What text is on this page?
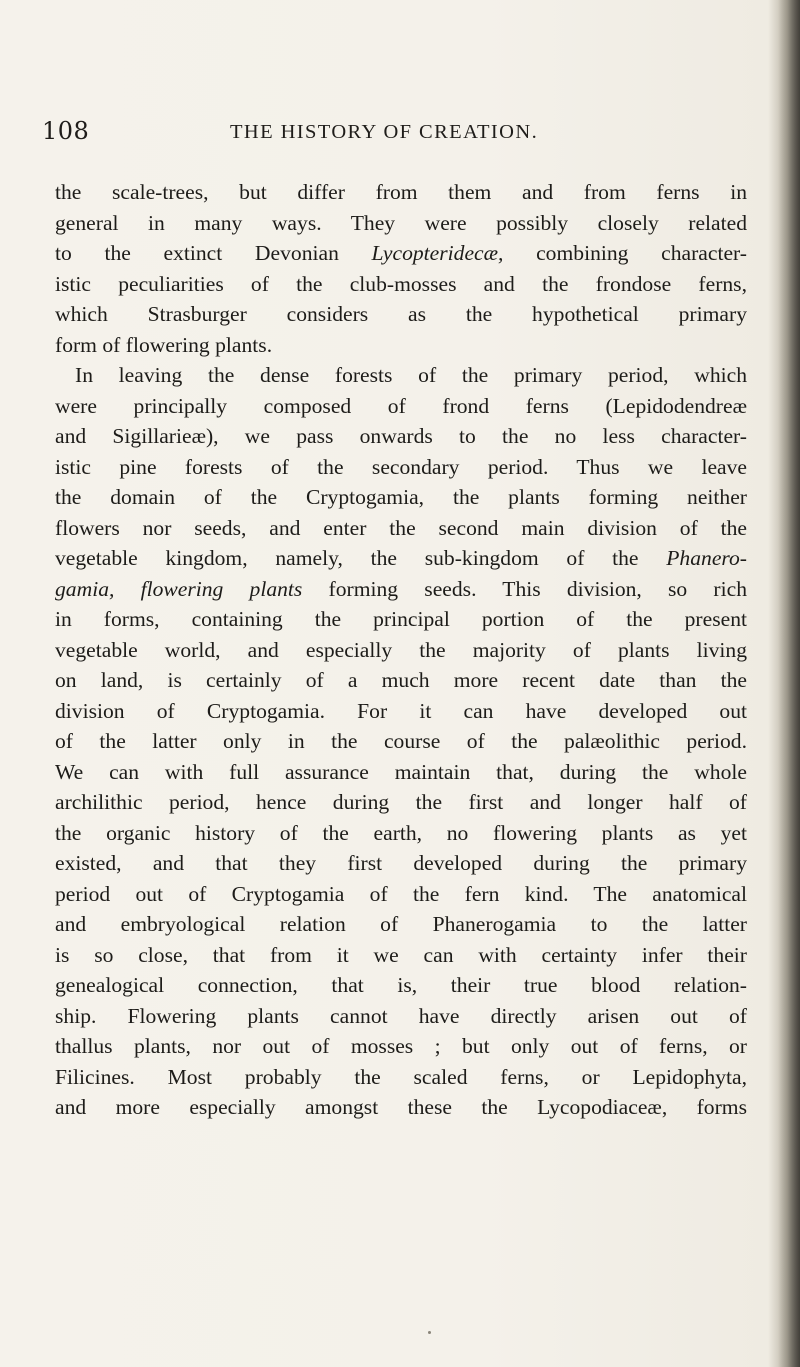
108	THE HISTORY OF CREATION.
the scale-trees, but differ from them and from ferns in
general in many ways. They were possibly closely related
to the extinct Devonian Lycopteridecæ, combining character-
istic peculiarities of the club-mosses and the frondose ferns,
which Strasburger considers as the hypothetical primary
form of flowering plants.
In leaving the dense forests of the primary period, which
were principally composed of frond ferns (Lepidodendreæ
and Sigillarieæ), we pass onwards to the no less character-
istic pine forests of the secondary period. Thus we leave
the domain of the Cryptogamia, the plants forming neither
flowers nor seeds, and enter the second main division of the
vegetable kingdom, namely, the sub-kingdom of the Phanero-
gamia, flowering plants forming seeds. This division, so rich
in forms, containing the principal portion of the present
vegetable world, and especially the majority of plants living
on land, is certainly of a much more recent date than the
division of Cryptogamia. For it can have developed out
of the latter only in the course of the palæolithic period.
We can with full assurance maintain that, during the whole
archilithic period, hence during the first and longer half of
the organic history of the earth, no flowering plants as yet
existed, and that they first developed during the primary
period out of Cryptogamia of the fern kind. The anatomical
and embryological relation of Phanerogamia to the latter
is so close, that from it we can with certainty infer their
genealogical connection, that is, their true blood relation-
ship. Flowering plants cannot have directly arisen out of
thallus plants, nor out of mosses ; but only out of ferns, or
Filicines. Most probably the scaled ferns, or Lepidophyta,
and more especially amongst these the Lycopodiaceæ, forms
